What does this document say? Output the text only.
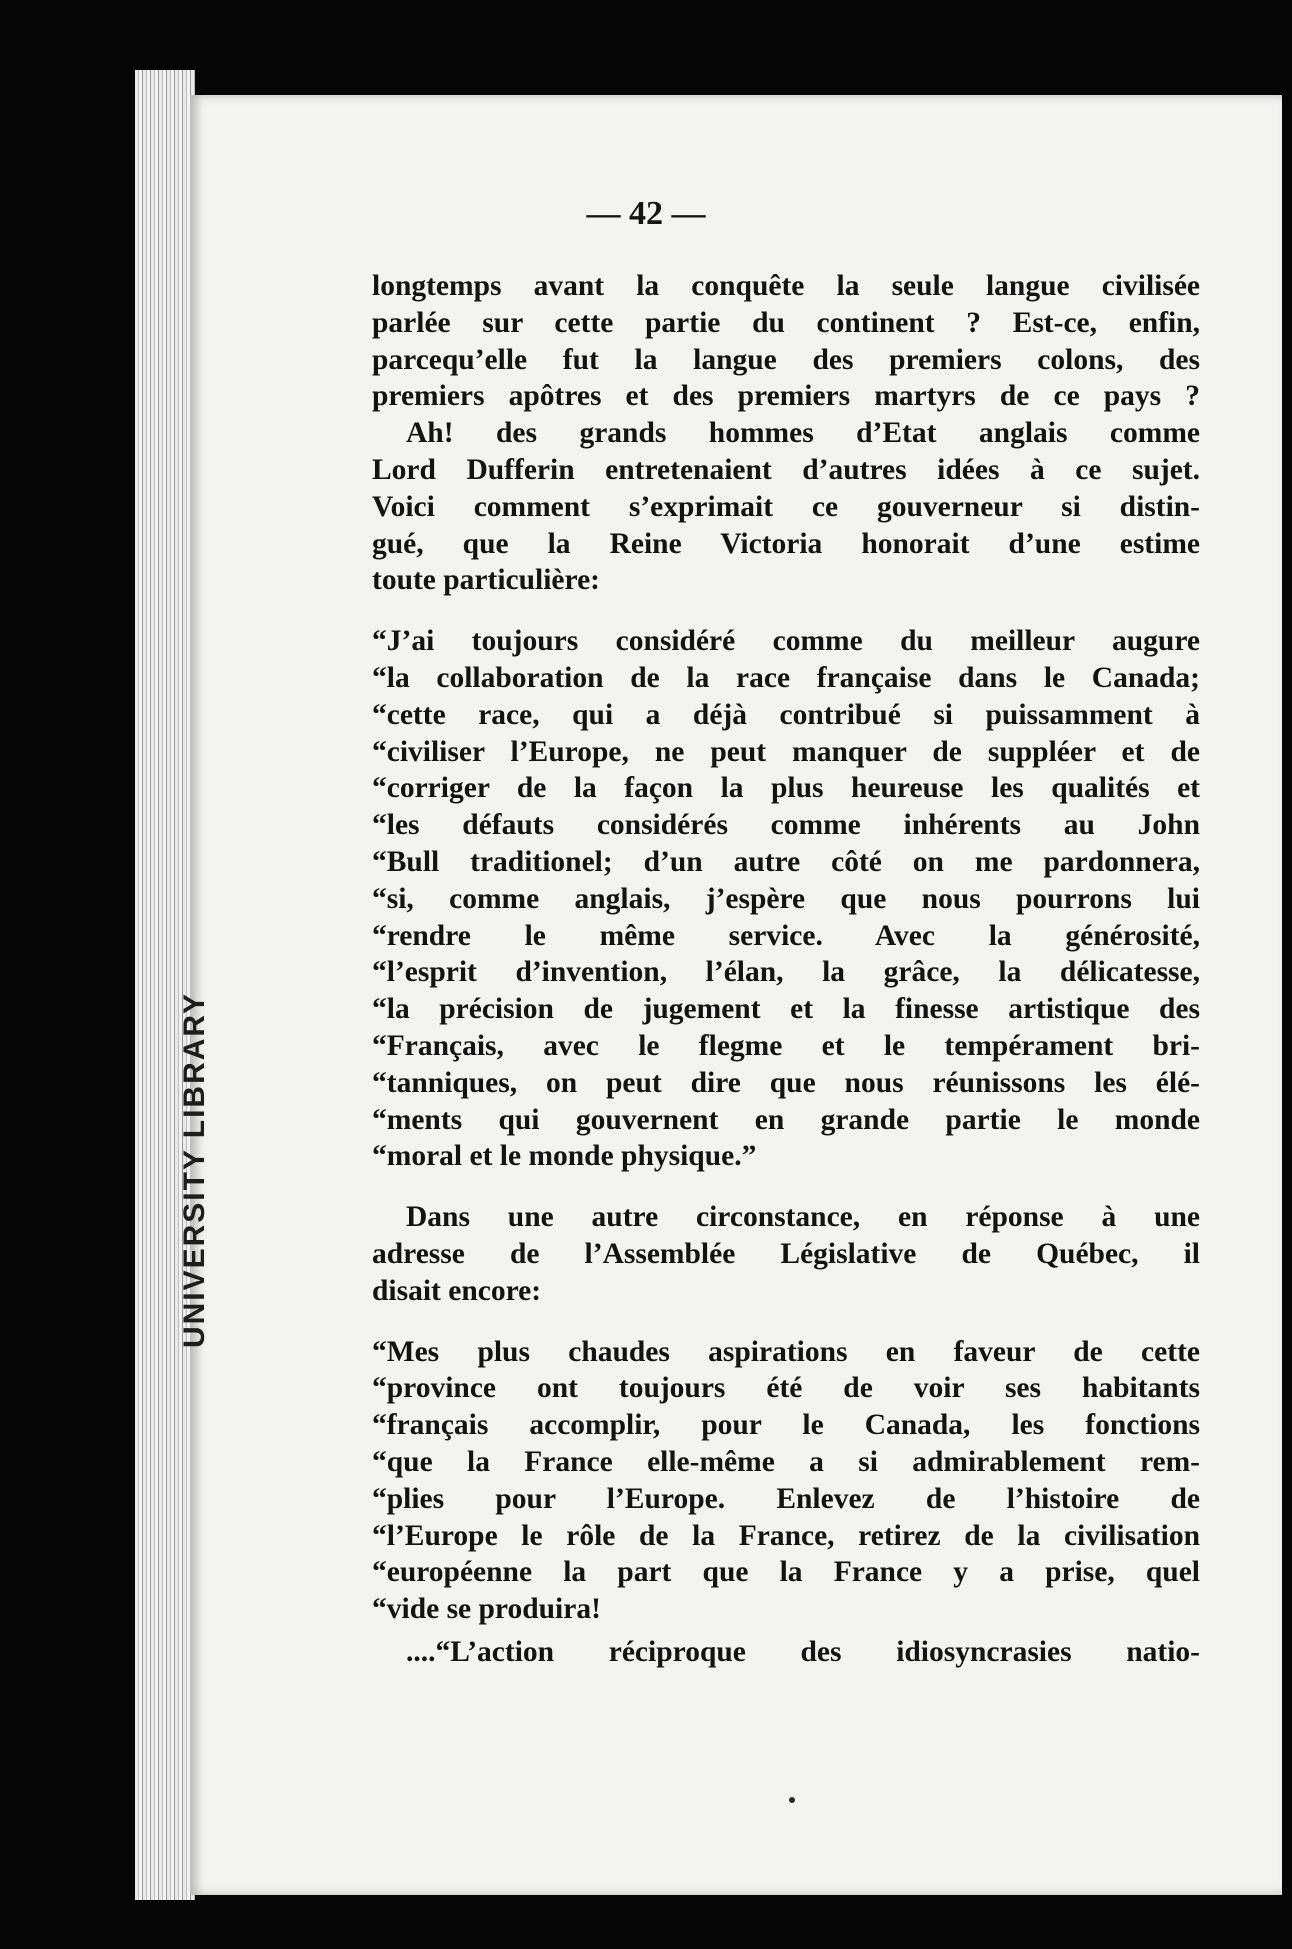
UNIVERSITY LIBRARY
— 42 —
longtemps avant la conquête la seule langue civilisée
parlée sur cette partie du continent ? Est-ce, enfin,
parcequ’elle fut la langue des premiers colons, des
premiers apôtres et des premiers martyrs de ce pays ?
Ah! des grands hommes d’Etat anglais comme
Lord Dufferin entretenaient d’autres idées à ce sujet.
Voici comment s’exprimait ce gouverneur si distin-
gué, que la Reine Victoria honorait d’une estime
toute particulière:
“J’ai toujours considéré comme du meilleur augure
“la collaboration de la race française dans le Canada;
“cette race, qui a déjà contribué si puissamment à
“civiliser l’Europe, ne peut manquer de suppléer et de
“corriger de la façon la plus heureuse les qualités et
“les défauts considérés comme inhérents au John
“Bull traditionel; d’un autre côté on me pardonnera,
“si, comme anglais, j’espère que nous pourrons lui
“rendre le même service. Avec la générosité,
“l’esprit d’invention, l’élan, la grâce, la délicatesse,
“la précision de jugement et la finesse artistique des
“Français, avec le flegme et le tempérament bri-
“tanniques, on peut dire que nous réunissons les élé-
“ments qui gouvernent en grande partie le monde
“moral et le monde physique.”
Dans une autre circonstance, en réponse à une
adresse de l’Assemblée Législative de Québec, il
disait encore:
“Mes plus chaudes aspirations en faveur de cette
“province ont toujours été de voir ses habitants
“français accomplir, pour le Canada, les fonctions
“que la France elle-même a si admirablement rem-
“plies pour l’Europe. Enlevez de l’histoire de
“l’Europe le rôle de la France, retirez de la civilisation
“européenne la part que la France y a prise, quel
“vide se produira!
....“L’action réciproque des idiosyncrasies natio-
